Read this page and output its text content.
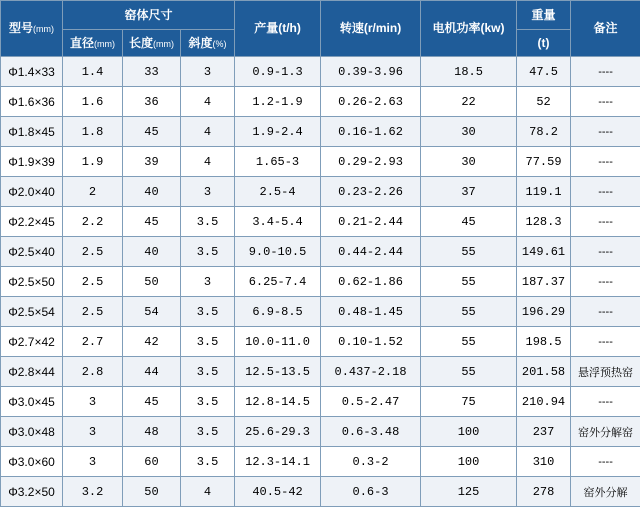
型号(mm)	窑体尺寸			产量(t/h)	转速(r/min)	电机功率(kw)	重量	备注
	直径(mm)	长度(mm)	斜度(%)				(t)	
Φ1.4×33	1.4	33	3	0.9-1.3	0.39-3.96	18.5	47.5	----
Φ1.6×36	1.6	36	4	1.2-1.9	0.26-2.63	22	52	----
Φ1.8×45	1.8	45	4	1.9-2.4	0.16-1.62	30	78.2	----
Φ1.9×39	1.9	39	4	1.65-3	0.29-2.93	30	77.59	----
Φ2.0×40	2	40	3	2.5-4	0.23-2.26	37	119.1	----
Φ2.2×45	2.2	45	3.5	3.4-5.4	0.21-2.44	45	128.3	----
Φ2.5×40	2.5	40	3.5	9.0-10.5	0.44-2.44	55	149.61	----
Φ2.5×50	2.5	50	3	6.25-7.4	0.62-1.86	55	187.37	----
Φ2.5×54	2.5	54	3.5	6.9-8.5	0.48-1.45	55	196.29	----
Φ2.7×42	2.7	42	3.5	10.0-11.0	0.10-1.52	55	198.5	----
Φ2.8×44	2.8	44	3.5	12.5-13.5	0.437-2.18	55	201.58	悬浮预热窑
Φ3.0×45	3	45	3.5	12.8-14.5	0.5-2.47	75	210.94	----
Φ3.0×48	3	48	3.5	25.6-29.3	0.6-3.48	100	237	窑外分解窑
Φ3.0×60	3	60	3.5	12.3-14.1	0.3-2	100	310	----
Φ3.2×50	3.2	50	4	40.5-42	0.6-3	125	278	窑外分解
